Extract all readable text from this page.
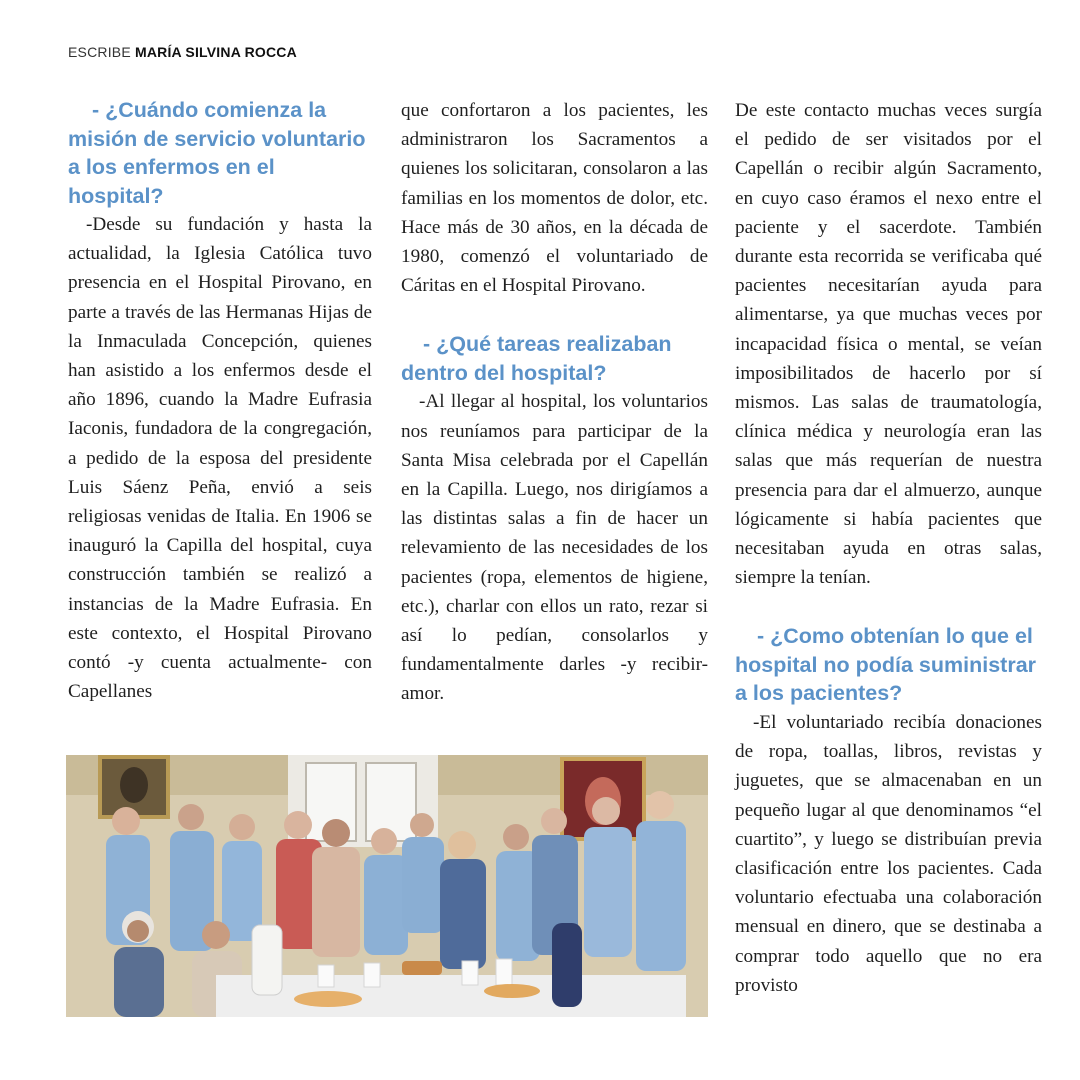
ESCRIBE MARÍA SILVINA ROCCA

- ¿Cuándo comienza la misión de servicio voluntario a los enfermos en el hospital?

-Desde su fundación y hasta la actualidad, la Iglesia Católica tuvo presencia en el Hospital Pirovano, en parte a través de las Hermanas Hijas de la Inmaculada Concepción, quienes han asistido a los enfermos desde el año 1896, cuando la Madre Eufrasia Iaconis, fundadora de la congregación, a pedido de la esposa del presidente Luis Sáenz Peña, envió a seis religiosas venidas de Italia. En 1906 se inauguró la Capilla del hospital, cuya construcción también se realizó a instancias de la Madre Eufrasia. En este contexto, el Hospital Pirovano contó -y cuenta actualmente- con Capellanes

que confortaron a los pacientes, les administraron los Sacramentos a quienes los solicitaran, consolaron a las familias en los momentos de dolor, etc. Hace más de 30 años, en la década de 1980, comenzó el voluntariado de Cáritas en el Hospital Pirovano.

- ¿Qué tareas realizaban dentro del hospital?

-Al llegar al hospital, los voluntarios nos reuníamos para participar de la Santa Misa celebrada por el Capellán en la Capilla. Luego, nos dirigíamos a las distintas salas a fin de hacer un relevamiento de las necesidades de los pacientes (ropa, elementos de higiene, etc.), charlar con ellos un rato, rezar si así lo pedían, consolarlos y fundamentalmente darles -y recibir- amor.

De este contacto muchas veces surgía el pedido de ser visitados por el Capellán o recibir algún Sacramento, en cuyo caso éramos el nexo entre el paciente y el sacerdote. También durante esta recorrida se verificaba qué pacientes necesitarían ayuda para alimentarse, ya que muchas veces por incapacidad física o mental, se veían imposibilitados de hacerlo por sí mismos. Las salas de traumatología, clínica médica y neurología eran las salas que más requerían de nuestra presencia para dar el almuerzo, aunque lógicamente si había pacientes que necesitaban ayuda en otras salas, siempre la tenían.

- ¿Como obtenían lo que el hospital no podía suministrar a los pacientes?

-El voluntariado recibía donaciones de ropa, toallas, libros, revistas y juguetes, que se almacenaban en un pequeño lugar al que denominamos “el cuartito”, y luego se distribuían previa clasificación entre los pacientes. Cada voluntario efectuaba una colaboración mensual en dinero, que se destinaba a comprar todo aquello que no era provisto
